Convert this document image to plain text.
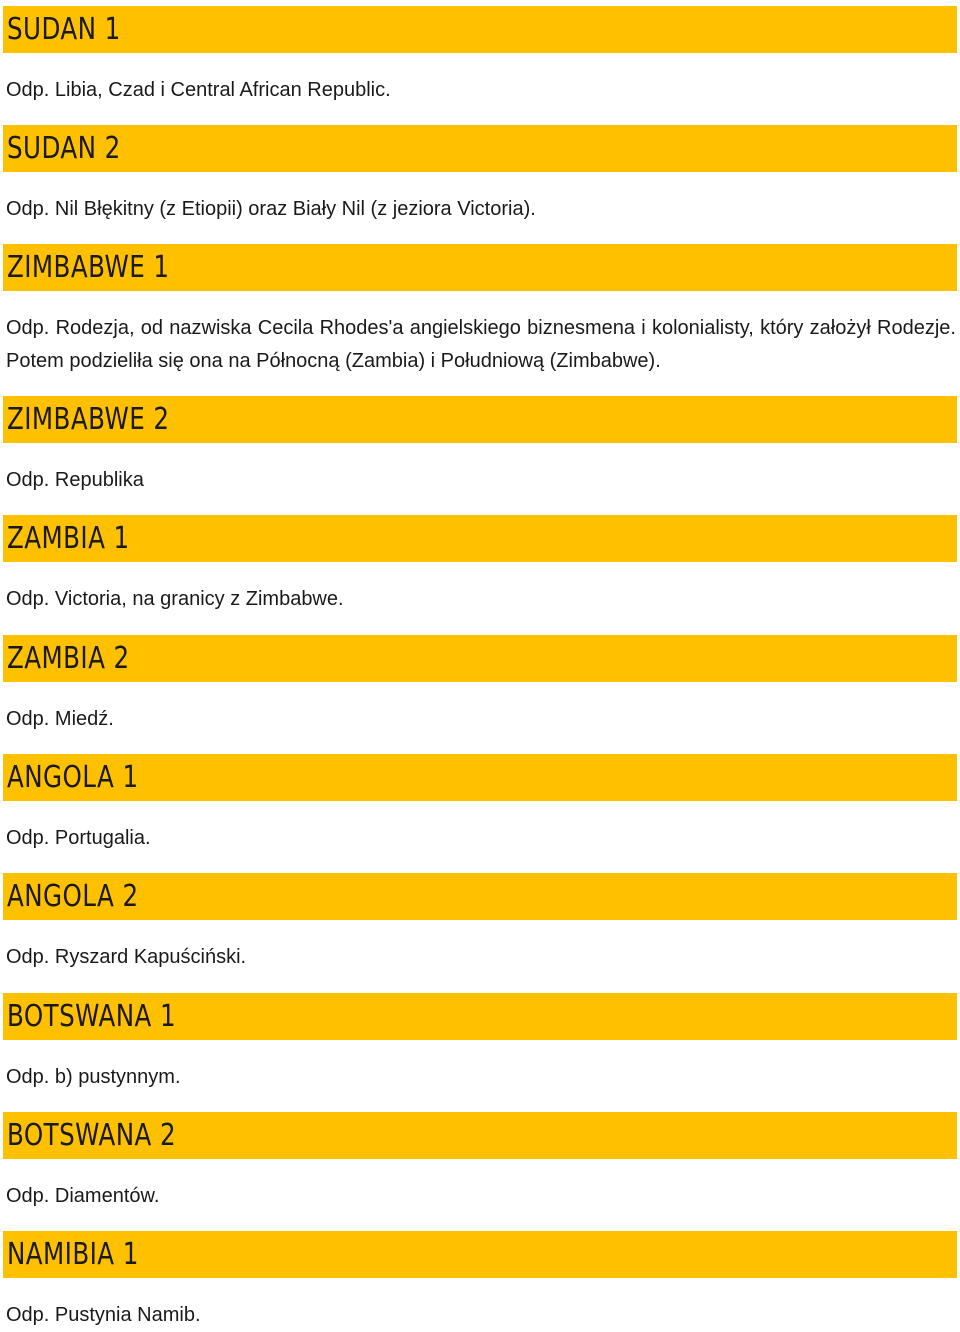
SUDAN 1

Odp. Libia, Czad i Central African Republic.

SUDAN 2

Odp. Nil Błękitny (z Etiopii) oraz Biały Nil (z jeziora Victoria).

ZIMBABWE 1

Odp. Rodezja, od nazwiska Cecila Rhodes'a angielskiego biznesmena i kolonialisty, który założył Rodezje. Potem podzieliła się ona na Północną (Zambia) i Południową (Zimbabwe).

ZIMBABWE 2

Odp. Republika

ZAMBIA 1

Odp. Victoria, na granicy z Zimbabwe.

ZAMBIA 2

Odp. Miedź.

ANGOLA 1

Odp. Portugalia.

ANGOLA 2

Odp. Ryszard Kapuściński.

BOTSWANA 1

Odp. b) pustynnym.

BOTSWANA 2

Odp. Diamentów.

NAMIBIA 1

Odp. Pustynia Namib.
